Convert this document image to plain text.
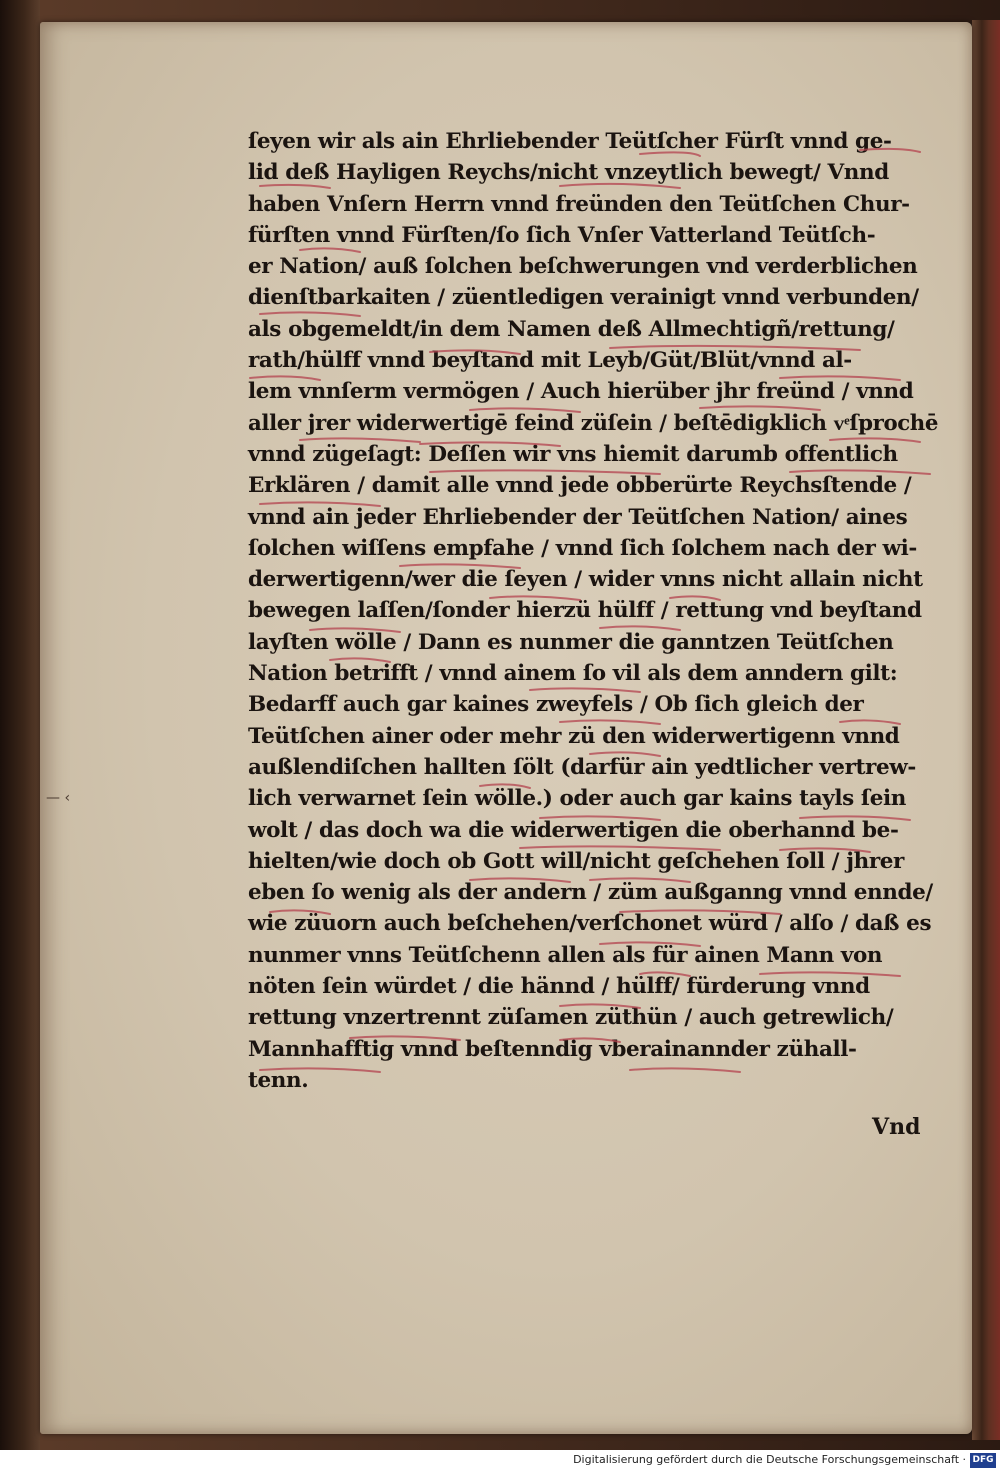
— ‹
ſeyen wir als ain Ehrliebender Teütſcher Fürſt vnnd ge-
lid deß Hayligen Reychs/nicht vnzeytlich bewegt/ Vnnd
haben Vnſern Herrn vnnd freünden den Teütſchen Chur-
fürſten vnnd Fürſten/ſo ſich Vnſer Vatterland Teütſch-
er Nation/ auß ſolchen beſchwerungen vnd verderblichen
dienſtbarkaiten / züentledigen verainigt vnnd verbunden/
als obgemeldt/in dem Namen deß Allmechtigñ/rettung/
rath/hülff vnnd beyſtand mit Leyb/Güt/Blüt/vnnd al-
lem vnnſerm vermögen / Auch hierüber jhr freünd / vnnd
aller jrer widerwertigē feind züſein / beſtēdigklich vͤſprochē
vnnd zügeſagt: Deſſen wir vns hiemit darumb offentlich
Erklären / damit alle vnnd jede obberürte Reychsſtende /
vnnd ain jeder Ehrliebender der Teütſchen Nation/ aines
ſolchen wiſſens empfahe / vnnd ſich ſolchem nach der wi-
derwertigenn/wer die ſeyen / wider vnns nicht allain nicht
bewegen laſſen/ſonder hierzü hülff / rettung vnd beyſtand
layſten wölle / Dann es nunmer die ganntzen Teütſchen
Nation betrifft / vnnd ainem ſo vil als dem anndern gilt:
Bedarff auch gar kaines zweyfels / Ob ſich gleich der
Teütſchen ainer oder mehr zü den widerwertigenn vnnd
außlendiſchen hallten ſölt (darfür ain yedtlicher vertrew-
lich verwarnet ſein wölle.) oder auch gar kains tayls ſein
wolt / das doch wa die widerwertigen die oberhannd be-
hielten/wie doch ob Gott will/nicht geſchehen ſoll / jhrer
eben ſo wenig als der andern / züm außganng vnnd ennde/
wie züuorn auch beſchehen/verſchonet würd / alſo / daß es
nunmer vnns Teütſchenn allen als für ainen Mann von
nöten ſein würdet / die hännd / hülff/ fürderung vnnd
rettung vnzertrennt züſamen züthün / auch getrewlich/
Mannhafftig vnnd beſtenndig vberainannder zühall-
tenn.
Vnd
Digitalisierung gefördert durch die Deutsche Forschungsgemeinschaft · DFG
